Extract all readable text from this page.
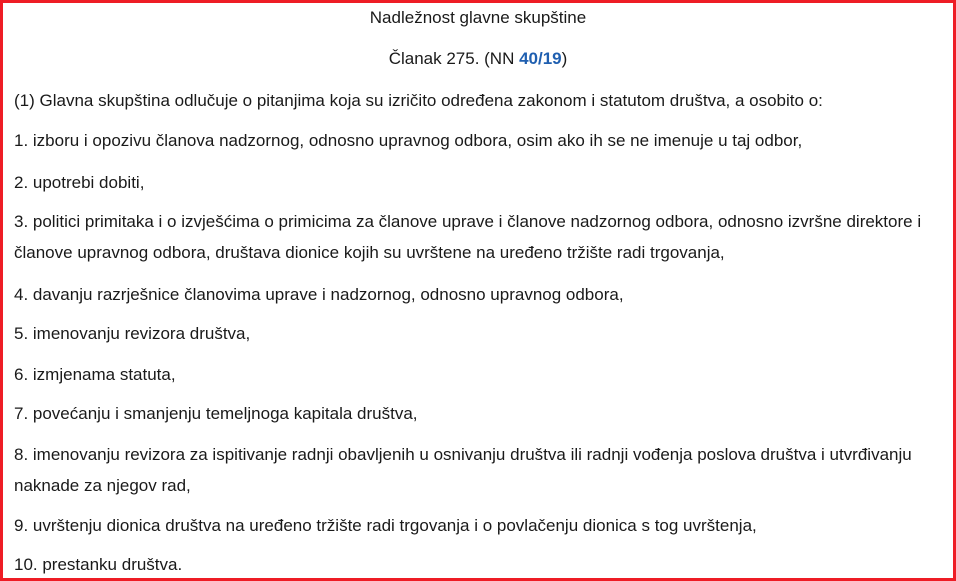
Nadležnost glavne skupštine
Članak 275. (NN 40/19)

(1) Glavna skupština odlučuje o pitanjima koja su izričito određena zakonom i statutom društva, a osobito o:

1. izboru i opozivu članova nadzornog, odnosno upravnog odbora, osim ako ih se ne imenuje u taj odbor,

2. upotrebi dobiti,

3. politici primitaka i o izvješćima o primicima za članove uprave i članove nadzornog odbora, odnosno izvršne direktore i članove upravnog odbora, društava dionice kojih su uvrštene na uređeno tržište radi trgovanja,

4. davanju razrješnice članovima uprave i nadzornog, odnosno upravnog odbora,

5. imenovanju revizora društva,

6. izmjenama statuta,

7. povećanju i smanjenju temeljnoga kapitala društva,

8. imenovanju revizora za ispitivanje radnji obavljenih u osnivanju društva ili radnji vođenja poslova društva i utvrđivanju naknade za njegov rad,

9. uvrštenju dionica društva na uređeno tržište radi trgovanja i o povlačenju dionica s tog uvrštenja,

10. prestanku društva.
